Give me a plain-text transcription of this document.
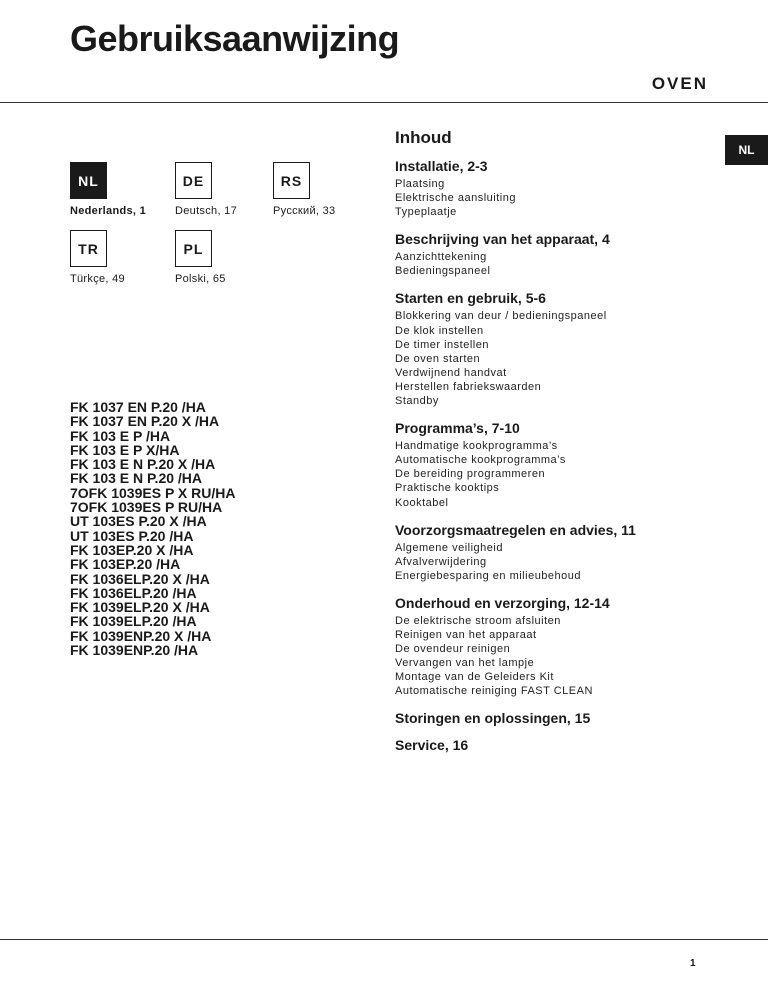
Gebruiksaanwijzing
OVEN
NL
NL
Nederlands, 1
DE
Deutsch, 17
RS
Русский, 33
TR
Türkçe, 49
PL
Polski, 65
FK 1037 EN P.20 /HA
FK 1037 EN P.20 X /HA
FK 103 E P /HA
FK 103 E P X/HA
FK 103 E N P.20 X /HA
FK 103 E N P.20 /HA
7OFK 1039ES P X RU/HA
7OFK 1039ES P RU/HA
UT 103ES P.20 X /HA
UT 103ES P.20 /HA
FK 103EP.20 X /HA
FK 103EP.20 /HA
FK 1036ELP.20 X /HA
FK 1036ELP.20 /HA
FK 1039ELP.20 X /HA
FK 1039ELP.20 /HA
FK 1039ENP.20 X /HA
FK 1039ENP.20 /HA
Inhoud
Installatie, 2-3
Plaatsing
Elektrische aansluiting
Typeplaatje
Beschrijving van het apparaat, 4
Aanzichttekening
Bedieningspaneel
Starten en gebruik, 5-6
Blokkering van deur / bedieningspaneel
De klok instellen
De timer instellen
De oven starten
Verdwijnend handvat
Herstellen fabriekswaarden
Standby
Programma’s, 7-10
Handmatige kookprogramma’s
Automatische kookprogramma’s
De bereiding programmeren
Praktische kooktips
Kooktabel
Voorzorgsmaatregelen en advies, 11
Algemene veiligheid
Afvalverwijdering
Energiebesparing en milieubehoud
Onderhoud en verzorging, 12-14
De elektrische stroom afsluiten
Reinigen van het apparaat
De ovendeur reinigen
Vervangen van het lampje
Montage van de Geleiders Kit
Automatische reiniging FAST CLEAN
Storingen en oplossingen, 15
Service, 16
1
